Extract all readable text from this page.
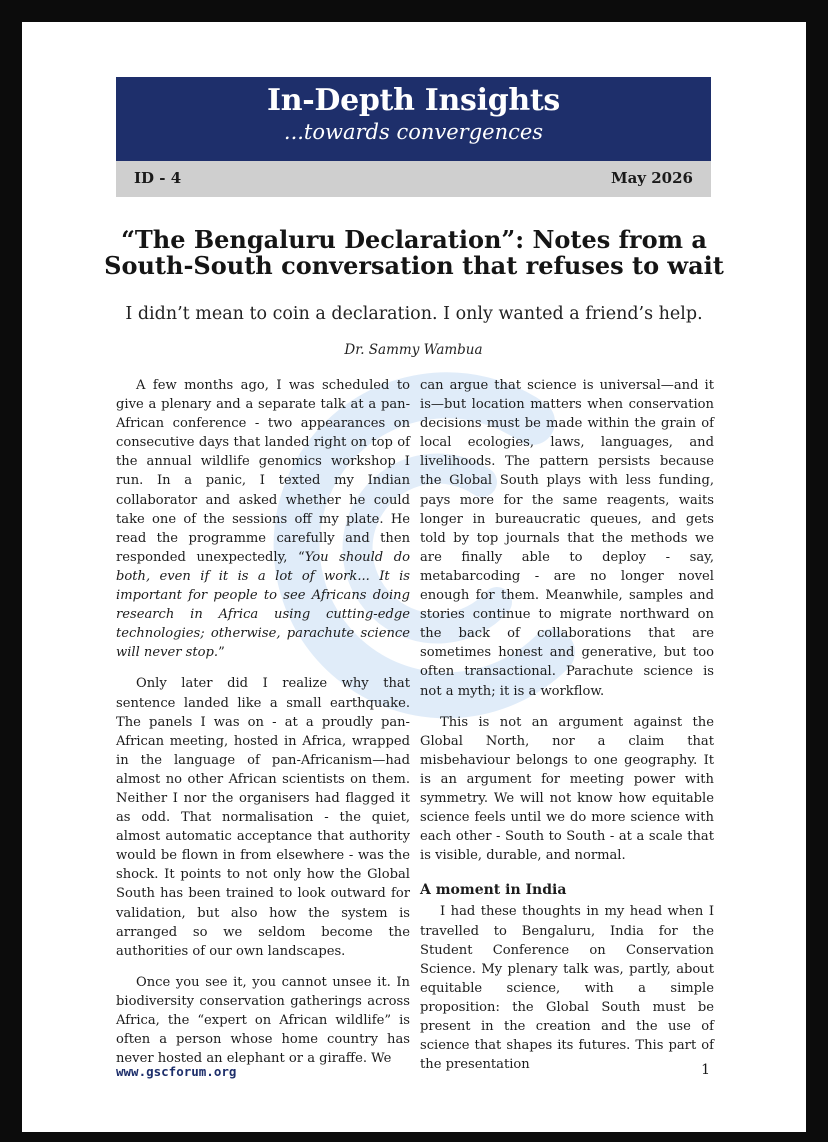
In-Depth Insights
...towards convergences
ID - 4	May 2026
“The Bengaluru Declaration”: Notes from a South-South conversation that refuses to wait
I didn’t mean to coin a declaration. I only wanted a friend’s help.
Dr. Sammy Wambua

A few months ago, I was scheduled to give a plenary and a separate talk at a pan-African conference - two appearances on consecutive days that landed right on top of the annual wildlife genomics workshop I run. In a panic, I texted my Indian collaborator and asked whether he could take one of the sessions off my plate. He read the programme carefully and then responded unexpectedly, “You should do both, even if it is a lot of work... It is important for people to see Africans doing research in Africa using cutting-edge technologies; otherwise, parachute science will never stop.”

Only later did I realize why that sentence landed like a small earthquake. The panels I was on - at a proudly pan-African meeting, hosted in Africa, wrapped in the language of pan-Africanism—had almost no other African scientists on them. Neither I nor the organisers had flagged it as odd. That normalisation - the quiet, almost automatic acceptance that authority would be flown in from elsewhere - was the shock. It points to not only how the Global South has been trained to look outward for validation, but also how the system is arranged so we seldom become the authorities of our own landscapes.

Once you see it, you cannot unsee it. In biodiversity conservation gatherings across Africa, the “expert on African wildlife” is often a person whose home country has never hosted an elephant or a giraffe. We

can argue that science is universal—and it is—but location matters when conservation decisions must be made within the grain of local ecologies, laws, languages, and livelihoods. The pattern persists because the Global South plays with less funding, pays more for the same reagents, waits longer in bureaucratic queues, and gets told by top journals that the methods we are finally able to deploy - say, metabarcoding - are no longer novel enough for them. Meanwhile, samples and stories continue to migrate northward on the back of collaborations that are sometimes honest and generative, but too often transactional. Parachute science is not a myth; it is a workflow.

This is not an argument against the Global North, nor a claim that misbehaviour belongs to one geography. It is an argument for meeting power with symmetry. We will not know how equitable science feels until we do more science with each other - South to South - at a scale that is visible, durable, and normal.

A moment in India

I had these thoughts in my head when I travelled to Bengaluru, India for the Student Conference on Conservation Science. My plenary talk was, partly, about equitable science, with a simple proposition: the Global South must be present in the creation and the use of science that shapes its futures. This part of the presentation

www.gscforum.org	1
